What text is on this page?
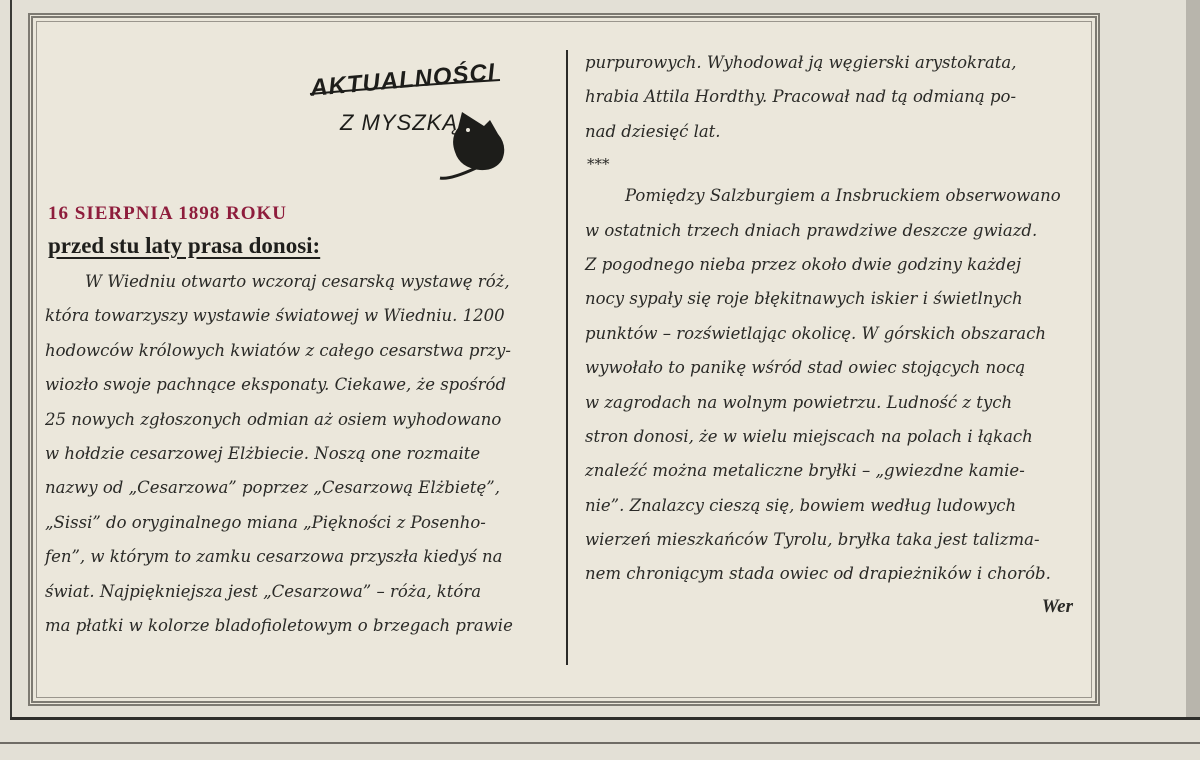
AKTUALNOŚCI
Z MYSZKĄ
16 SIERPNIA 1898 ROKU
przed stu laty prasa donosi:
W Wiedniu otwarto wczoraj cesarską wystawę róż,
która towarzyszy wystawie światowej w Wiedniu. 1200
hodowców królowych kwiatów z całego cesarstwa przy-
wiozło swoje pachnące eksponaty. Ciekawe, że spośród
25 nowych zgłoszonych odmian aż osiem wyhodowano
w hołdzie cesarzowej Elżbiecie. Noszą one rozmaite
nazwy od „Cesarzowa” poprzez „Cesarzową Elżbietę”,
„Sissi” do oryginalnego miana „Piękności z Posenho-
fen”, w którym to zamku cesarzowa przyszła kiedyś na
świat. Najpiękniejsza jest „Cesarzowa” – róża, która
ma płatki w kolorze bladofioletowym o brzegach prawie
purpurowych. Wyhodował ją węgierski arystokrata,
hrabia Attila Hordthy. Pracował nad tą odmianą po-
nad dziesięć lat.
***
Pomiędzy Salzburgiem a Insbruckiem obserwowano
w ostatnich trzech dniach prawdziwe deszcze gwiazd.
Z pogodnego nieba przez około dwie godziny każdej
nocy sypały się roje błękitnawych iskier i świetlnych
punktów – rozświetlając okolicę. W górskich obszarach
wywołało to panikę wśród stad owiec stojących nocą
w zagrodach na wolnym powietrzu. Ludność z tych
stron donosi, że w wielu miejscach na polach i łąkach
znaleźć można metaliczne bryłki – „gwiezdne kamie-
nie”. Znalazcy cieszą się, bowiem według ludowych
wierzeń mieszkańców Tyrolu, bryłka taka jest talizma-
nem chroniącym stada owiec od drapieżników i chorób.
Wer
